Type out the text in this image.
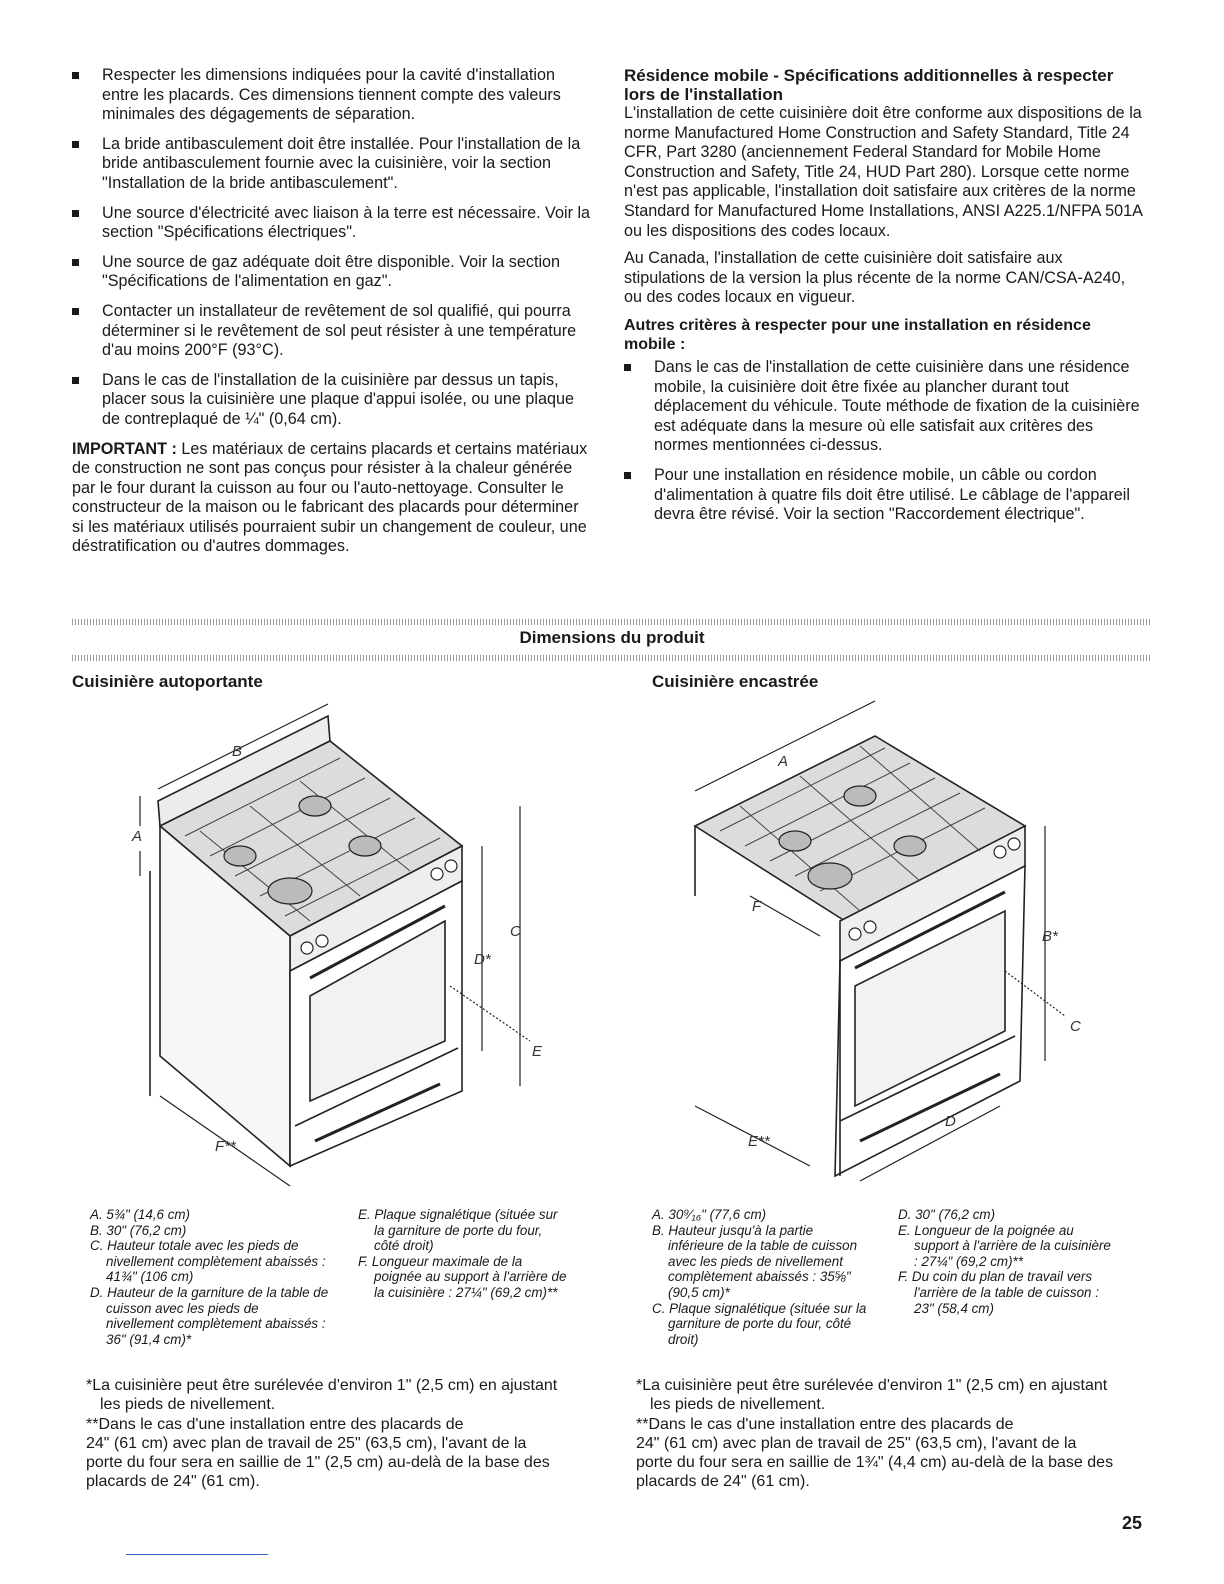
Respecter les dimensions indiquées pour la cavité d'installation entre les placards. Ces dimensions tiennent compte des valeurs minimales des dégagements de séparation.
La bride antibasculement doit être installée. Pour l'installation de la bride antibasculement fournie avec la cuisinière, voir la section "Installation de la bride antibasculement".
Une source d'électricité avec liaison à la terre est nécessaire. Voir la section "Spécifications électriques".
Une source de gaz adéquate doit être disponible. Voir la section "Spécifications de l'alimentation en gaz".
Contacter un installateur de revêtement de sol qualifié, qui pourra déterminer si le revêtement de sol peut résister à une température d'au moins 200°F (93°C).
Dans le cas de l'installation de la cuisinière par dessus un tapis, placer sous la cuisinière une plaque d'appui isolée, ou une plaque de contreplaqué de ¼" (0,64 cm).

IMPORTANT : Les matériaux de certains placards et certains matériaux de construction ne sont pas conçus pour résister à la chaleur générée par le four durant la cuisson au four ou l'auto-nettoyage. Consulter le constructeur de la maison ou le fabricant des placards pour déterminer si les matériaux utilisés pourraient subir un changement de couleur, une déstratification ou d'autres dommages.

Résidence mobile - Spécifications additionnelles à respecter lors de l'installation

L'installation de cette cuisinière doit être conforme aux dispositions de la norme Manufactured Home Construction and Safety Standard, Title 24 CFR, Part 3280 (anciennement Federal Standard for Mobile Home Construction and Safety, Title 24, HUD Part 280). Lorsque cette norme n'est pas applicable, l'installation doit satisfaire aux critères de la norme Standard for Manufactured Home Installations, ANSI A225.1/NFPA 501A ou les dispositions des codes locaux.

Au Canada, l'installation de cette cuisinière doit satisfaire aux stipulations de la version la plus récente de la norme CAN/CSA-A240, ou des codes locaux en vigueur.

Autres critères à respecter pour une installation en résidence mobile :
Dans le cas de l'installation de cette cuisinière dans une résidence mobile, la cuisinière doit être fixée au plancher durant tout déplacement du véhicule. Toute méthode de fixation de la cuisinière est adéquate dans la mesure où elle satisfait aux critères des normes mentionnées ci-dessus.
Pour une installation en résidence mobile, un câble ou cordon d'alimentation à quatre fils doit être utilisé. Le câblage de l'appareil devra être révisé. Voir la section "Raccordement électrique".
Dimensions du produit
Cuisinière autoportante	Cuisinière encastrée
B
A
C
D*
E
F**
A
F
B*
C
D
E**
A. 5¾" (14,6 cm)
B. 30" (76,2 cm)
C. Hauteur totale avec les pieds de nivellement complètement abaissés : 41¾" (106 cm)
D. Hauteur de la garniture de la table de cuisson avec les pieds de nivellement complètement abaissés : 36" (91,4 cm)*
E. Plaque signalétique (située sur la garniture de porte du four, côté droit)
F. Longueur maximale de la poignée au support à l'arrière de la cuisinière : 27¼" (69,2 cm)**
A. 30⁹⁄₁₆" (77,6 cm)
B. Hauteur jusqu'à la partie inférieure de la table de cuisson avec les pieds de nivellement complètement abaissés : 35⅝" (90,5 cm)*
C. Plaque signalétique (située sur la garniture de porte du four, côté droit)
D. 30" (76,2 cm)
E. Longueur de la poignée au support à l'arrière de la cuisinière : 27¼" (69,2 cm)**
F. Du coin du plan de travail vers l'arrière de la table de cuisson : 23" (58,4 cm)
*La cuisinière peut être surélevée d'environ 1" (2,5 cm) en ajustant les pieds de nivellement.
**Dans le cas d'une installation entre des placards de
24" (61 cm) avec plan de travail de 25" (63,5 cm), l'avant de la porte du four sera en saillie de 1" (2,5 cm) au-delà de la base des placards de 24" (61 cm).
*La cuisinière peut être surélevée d'environ 1" (2,5 cm) en ajustant les pieds de nivellement.
**Dans le cas d'une installation entre des placards de
24" (61 cm) avec plan de travail de 25" (63,5 cm), l'avant de la porte du four sera en saillie de 1¾" (4,4 cm) au-delà de la base des placards de 24" (61 cm).
25
